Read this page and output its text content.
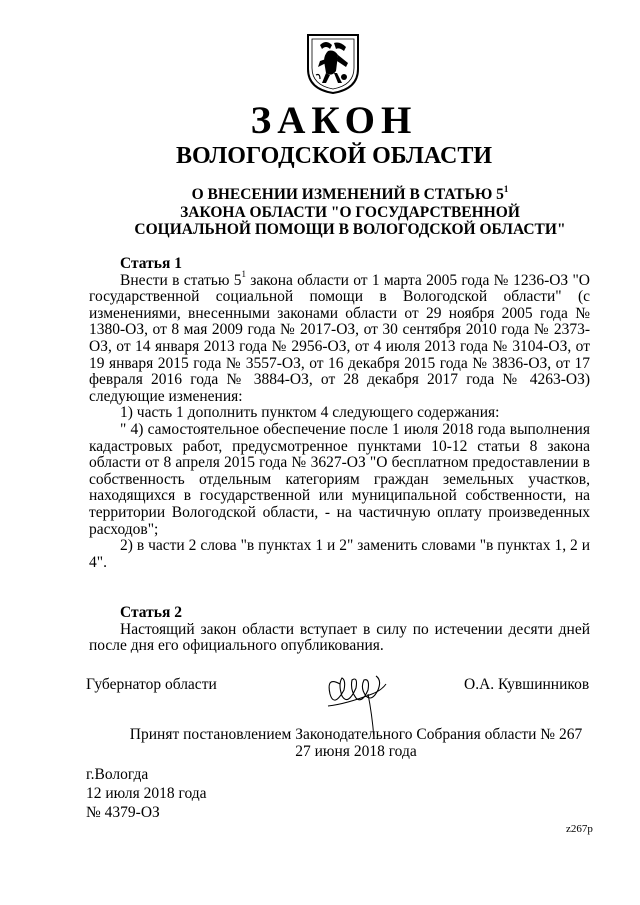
ЗАКОН
ВОЛОГОДСКОЙ ОБЛАСТИ
О ВНЕСЕНИИ ИЗМЕНЕНИЙ В СТАТЬЮ $5^1$
ЗАКОНА ОБЛАСТИ "О ГОСУДАРСТВЕННОЙ
СОЦИАЛЬНОЙ ПОМОЩИ В ВОЛОГОДСКОЙ ОБЛАСТИ"

Статья 1

Внести в статью $5^1$ закона области от 1 марта 2005 года № 1236-ОЗ "О государственной социальной помощи в Вологодской области" (с изменениями, внесенными законами области от 29 ноября 2005 года № 1380-ОЗ, от 8 мая 2009 года № 2017-ОЗ, от 30 сентября 2010 года № 2373-ОЗ, от 14 января 2013 года № 2956-ОЗ, от 4 июля 2013 года № 3104-ОЗ, от 19 января 2015 года № 3557-ОЗ, от 16 декабря 2015 года № 3836-ОЗ, от 17 февраля 2016 года № 3884-ОЗ, от 28 декабря 2017 года № 4263-ОЗ) следующие изменения:

1) часть 1 дополнить пунктом 4 следующего содержания:

" 4) самостоятельное обеспечение после 1 июля 2018 года выполнения кадастровых работ, предусмотренное пунктами 10-12 статьи 8 закона области от 8 апреля 2015 года № 3627-ОЗ "О бесплатном предоставлении в собственность отдельным категориям граждан земельных участков, находящихся в государственной или муниципальной собственности, на территории Вологодской области, - на частичную оплату произведенных расходов";

2) в части 2 слова "в пунктах 1 и 2" заменить словами "в пунктах 1, 2 и 4".

Статья 2

Настоящий закон области вступает в силу по истечении десяти дней после дня его официального опубликования.

Губернатор области	О.А. Кувшинников
Принят постановлением Законодательного Собрания области № 267
27 июня 2018 года
г.Вологда
12 июля 2018 года
№ 4379-ОЗ
z267p
